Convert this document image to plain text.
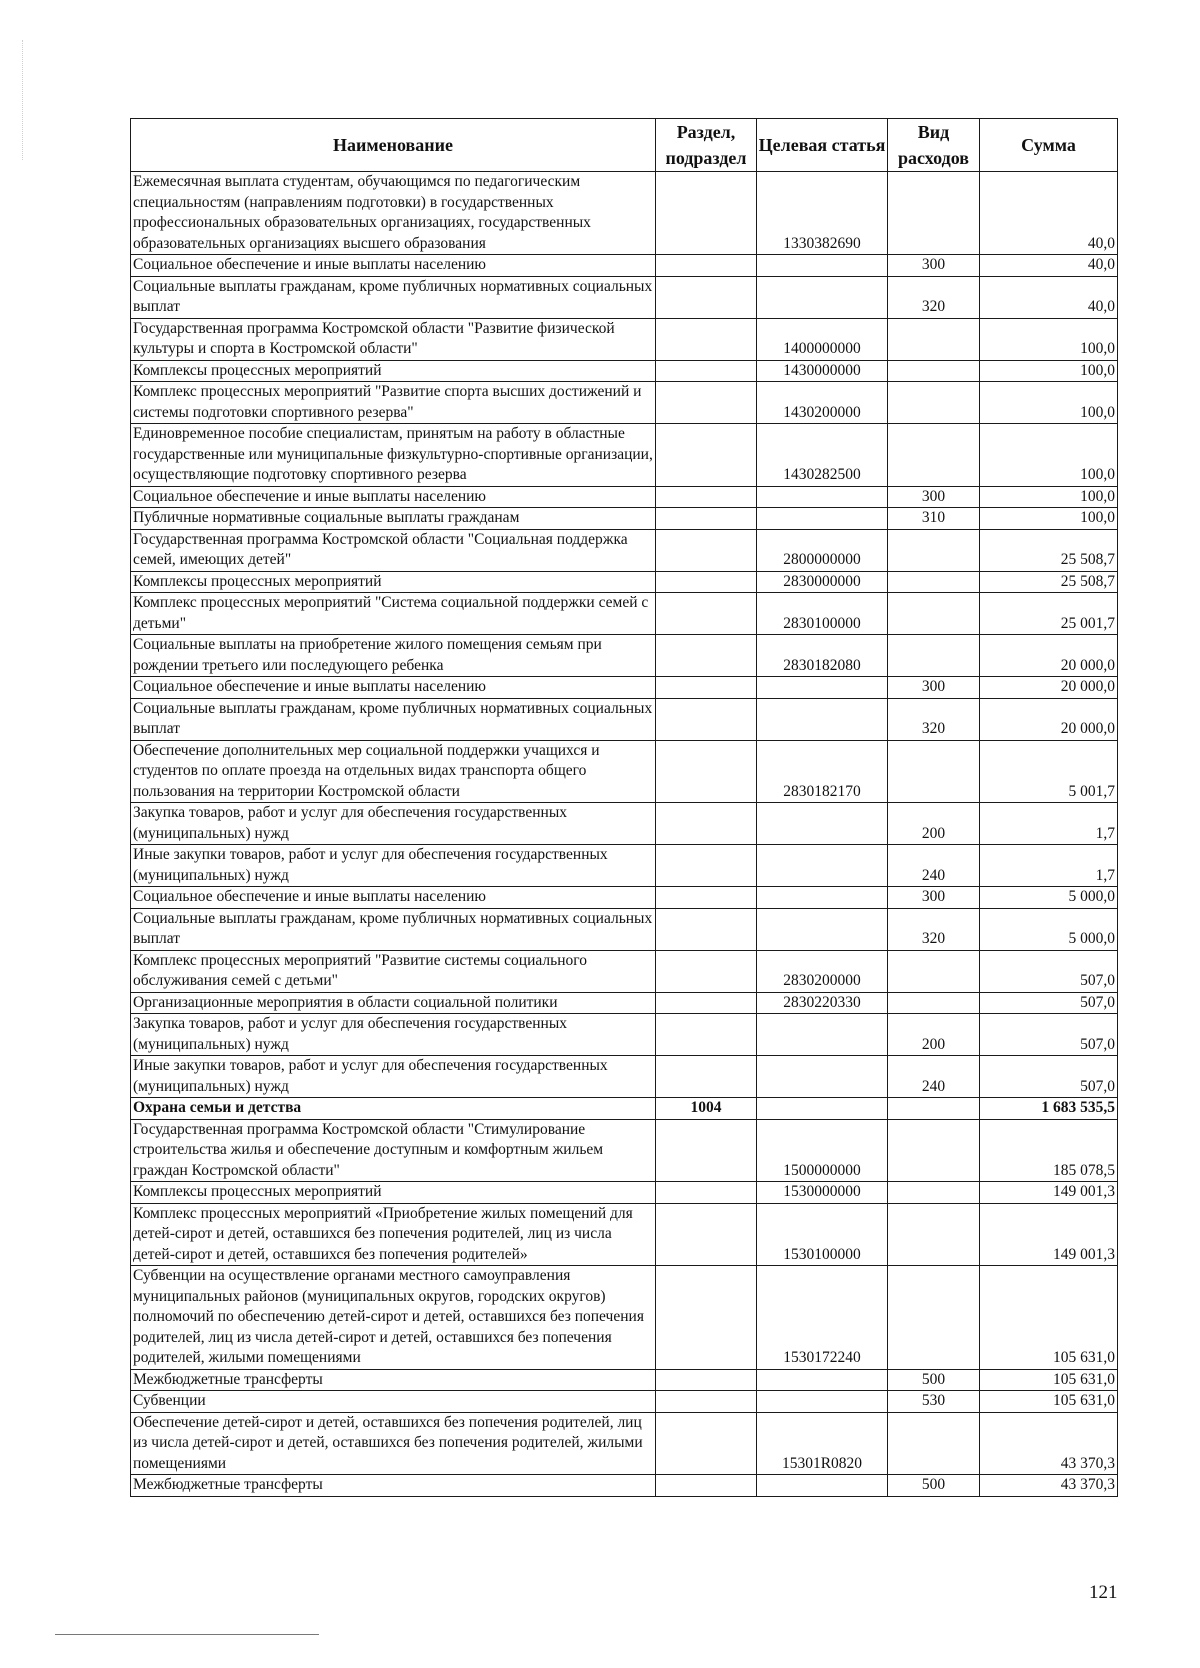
Наименование	Раздел, подраздел	Целевая статья	Вид расходов	Сумма
Ежемесячная выплата студентам, обучающимся по педагогическим специальностям (направлениям подготовки) в государственных профессиональных образовательных организациях, государственных образовательных организациях высшего образования		1330382690		40,0
Социальное обеспечение и иные выплаты населению			300	40,0
Социальные выплаты гражданам, кроме публичных нормативных социальных выплат			320	40,0
Государственная программа Костромской области "Развитие физической культуры и спорта в Костромской области"		1400000000		100,0
Комплексы процессных мероприятий		1430000000		100,0
Комплекс процессных мероприятий "Развитие спорта высших достижений и системы подготовки спортивного резерва"		1430200000		100,0
Единовременное пособие специалистам, принятым на работу в областные государственные или муниципальные физкультурно-спортивные организации, осуществляющие подготовку спортивного резерва		1430282500		100,0
Социальное обеспечение и иные выплаты населению			300	100,0
Публичные нормативные социальные выплаты гражданам			310	100,0
Государственная программа Костромской области "Социальная поддержка семей, имеющих детей"		2800000000		25 508,7
Комплексы процессных мероприятий		2830000000		25 508,7
Комплекс процессных мероприятий "Система социальной поддержки семей с детьми"		2830100000		25 001,7
Социальные выплаты на приобретение жилого помещения семьям при рождении третьего или последующего ребенка		2830182080		20 000,0
Социальное обеспечение и иные выплаты населению			300	20 000,0
Социальные выплаты гражданам, кроме публичных нормативных социальных выплат			320	20 000,0
Обеспечение дополнительных мер социальной поддержки учащихся и студентов по оплате проезда на отдельных видах транспорта общего пользования на территории Костромской области		2830182170		5 001,7
Закупка товаров, работ и услуг для обеспечения государственных (муниципальных) нужд			200	1,7
Иные закупки товаров, работ и услуг для обеспечения государственных (муниципальных) нужд			240	1,7
Социальное обеспечение и иные выплаты населению			300	5 000,0
Социальные выплаты гражданам, кроме публичных нормативных социальных выплат			320	5 000,0
Комплекс процессных мероприятий "Развитие системы социального обслуживания семей с детьми"		2830200000		507,0
Организационные мероприятия в области социальной политики		2830220330		507,0
Закупка товаров, работ и услуг для обеспечения государственных (муниципальных) нужд			200	507,0
Иные закупки товаров, работ и услуг для обеспечения государственных (муниципальных) нужд			240	507,0
Охрана семьи и детства	1004			1 683 535,5
Государственная программа Костромской области "Стимулирование строительства жилья и обеспечение доступным и комфортным жильем граждан Костромской области"		1500000000		185 078,5
Комплексы процессных мероприятий		1530000000		149 001,3
Комплекс процессных мероприятий «Приобретение жилых помещений для детей-сирот и детей, оставшихся без попечения родителей, лиц из числа детей-сирот и детей, оставшихся без попечения родителей»		1530100000		149 001,3
Субвенции на осуществление органами местного самоуправления муниципальных районов (муниципальных округов, городских округов) полномочий по обеспечению детей-сирот и детей, оставшихся без попечения родителей, лиц из числа детей-сирот и детей, оставшихся без попечения родителей, жилыми помещениями		1530172240		105 631,0
Межбюджетные трансферты			500	105 631,0
Субвенции			530	105 631,0
Обеспечение детей-сирот и детей, оставшихся без попечения родителей, лиц из числа детей-сирот и детей, оставшихся без попечения родителей, жилыми помещениями		15301R0820		43 370,3
Межбюджетные трансферты			500	43 370,3
121
